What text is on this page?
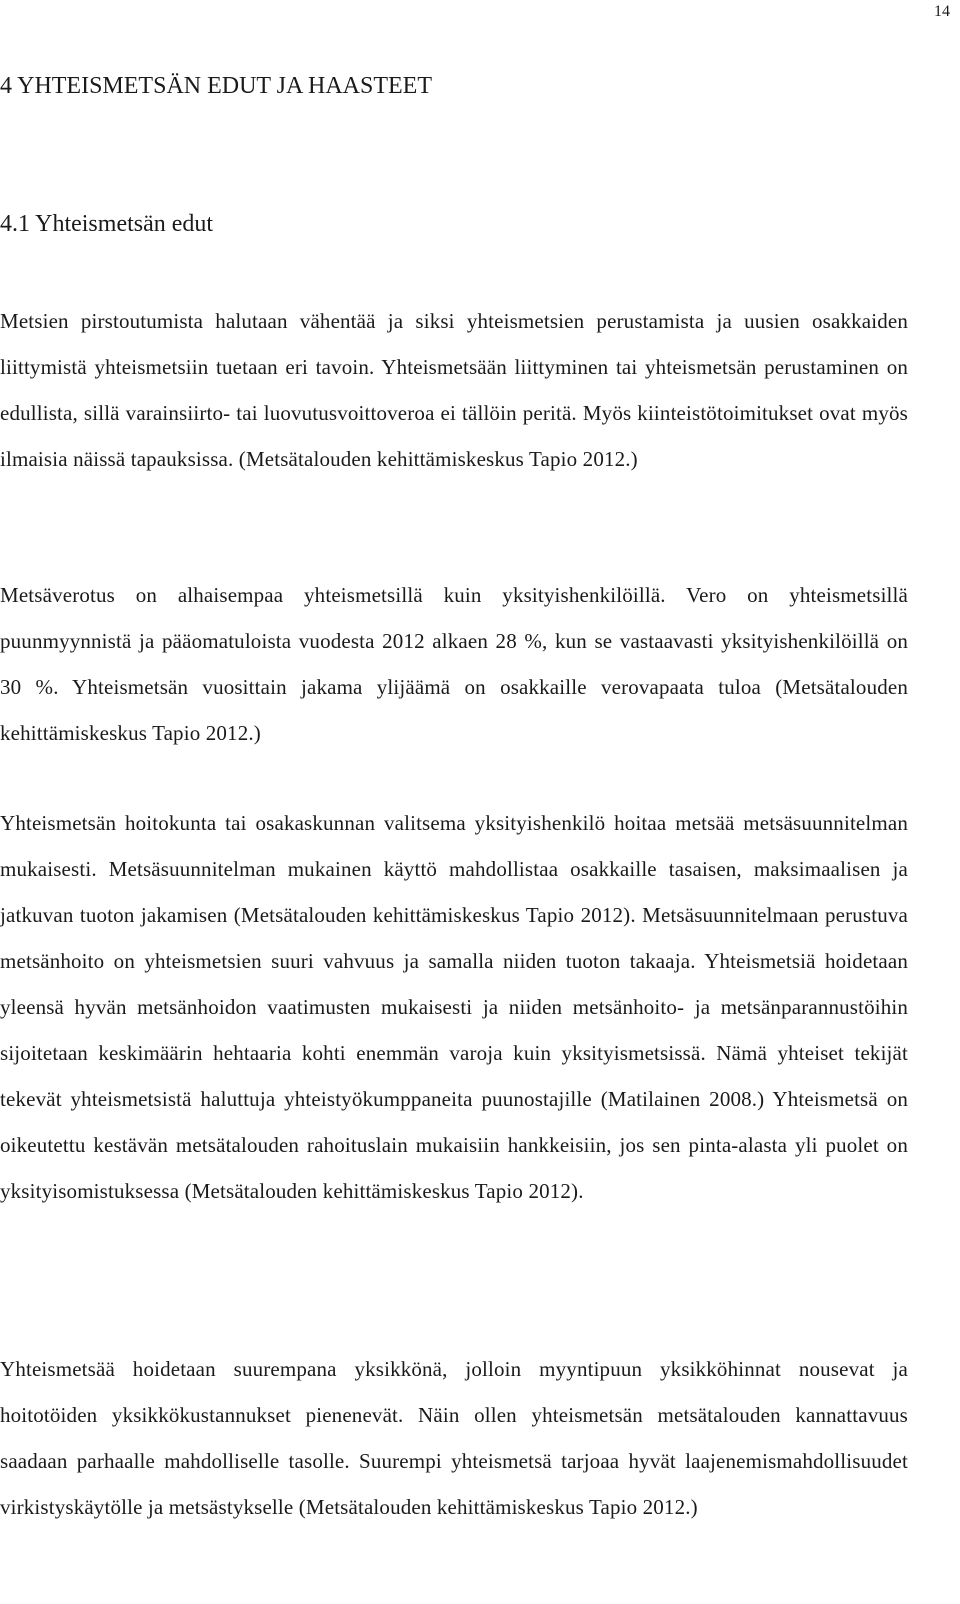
14
4 YHTEISMETSÄN EDUT JA HAASTEET
4.1 Yhteismetsän edut

Metsien pirstoutumista halutaan vähentää ja siksi yhteismetsien perustamista ja uusien osakkaiden liittymistä yhteismetsiin tuetaan eri tavoin. Yhteismetsään liittyminen tai yhteismetsän perustaminen on edullista, sillä varainsiirto- tai luovutusvoittoveroa ei tällöin peritä. Myös kiinteistötoimitukset ovat myös ilmaisia näissä tapauksissa. (Metsätalouden kehittämiskeskus Tapio 2012.)

Metsäverotus on alhaisempaa yhteismetsillä kuin yksityishenkilöillä. Vero on yhteismetsillä puunmyynnistä ja pääomatuloista vuodesta 2012 alkaen 28 %, kun se vastaavasti yksityishenkilöillä on 30 %. Yhteismetsän vuosittain jakama ylijäämä on osakkaille verovapaata tuloa (Metsätalouden kehittämiskeskus Tapio 2012.)

Yhteismetsän hoitokunta tai osakaskunnan valitsema yksityishenkilö hoitaa metsää metsäsuunnitelman mukaisesti. Metsäsuunnitelman mukainen käyttö mahdollistaa osakkaille tasaisen, maksimaalisen ja jatkuvan tuoton jakamisen (Metsätalouden kehittämiskeskus Tapio 2012). Metsäsuunnitelmaan perustuva metsänhoito on yhteismetsien suuri vahvuus ja samalla niiden tuoton takaaja. Yhteismetsiä hoidetaan yleensä hyvän metsänhoidon vaatimusten mukaisesti ja niiden metsänhoito- ja metsänparannustöihin sijoitetaan keskimäärin hehtaaria kohti enemmän varoja kuin yksityismetsissä. Nämä yhteiset tekijät tekevät yhteismetsistä haluttuja yhteistyökumppaneita puunostajille (Matilainen 2008.) Yhteismetsä on oikeutettu kestävän metsätalouden rahoituslain mukaisiin hankkeisiin, jos sen pinta-alasta yli puolet on yksityisomistuksessa (Metsätalouden kehittämiskeskus Tapio 2012).

Yhteismetsää hoidetaan suurempana yksikkönä, jolloin myyntipuun yksikköhinnat nousevat ja hoitotöiden yksikkökustannukset pienenevät. Näin ollen yhteismetsän metsätalouden kannattavuus saadaan parhaalle mahdolliselle tasolle. Suurempi yhteismetsä tarjoaa hyvät laajenemismahdollisuudet virkistyskäytölle ja metsästykselle (Metsätalouden kehittämiskeskus Tapio 2012.)
